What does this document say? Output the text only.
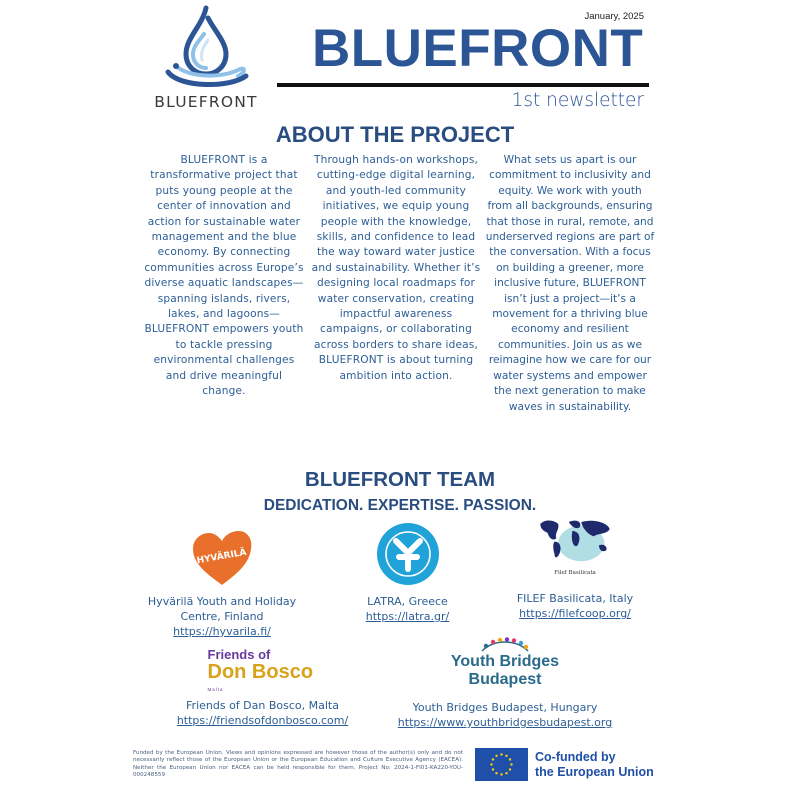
BLUEFRONT
January, 2025
BLUEFRONT
1st newsletter
ABOUT THE PROJECT
BLUEFRONT is a transformative project that puts young people at the center of innovation and action for sustainable water management and the blue economy. By connecting communities across Europe’s diverse aquatic landscapes—spanning islands, rivers, lakes, and lagoons—BLUEFRONT empowers youth to tackle pressing environmental challenges and drive meaningful change.
Through hands-on workshops, cutting-edge digital learning, and youth-led community initiatives, we equip young people with the knowledge, skills, and confidence to lead the way toward water justice and sustainability. Whether it’s designing local roadmaps for water conservation, creating impactful awareness campaigns, or collaborating across borders to share ideas, BLUEFRONT is about turning ambition into action.
What sets us apart is our commitment to inclusivity and equity. We work with youth from all backgrounds, ensuring that those in rural, remote, and underserved regions are part of the conversation. With a focus on building a greener, more inclusive future, BLUEFRONT isn’t just a project—it’s a movement for a thriving blue economy and resilient communities. Join us as we reimagine how we care for our water systems and empower the next generation to make waves in sustainability.
BLUEFRONT TEAM
DEDICATION. EXPERTISE. PASSION.
HYVÄRILÄ
Hyvärilä Youth and Holiday Centre, Finland
https://hyvarila.fi/
LATRA, Greece
https://latra.gr/
Filef Basilicata
FILEF Basilicata, Italy
https://filefcoop.org/
Friends of
Don Bosco
Malta
Friends of Dan Bosco, Malta
https://friendsofdonbosco.com/
Youth Bridges
Budapest
Youth Bridges Budapest, Hungary
https://www.youthbridgesbudapest.org
Funded by the European Union. Views and opinions expressed are however those of the author(s) only and do not necessarily reflect those of the European Union or the European Education and Culture Executive Agency (EACEA). Neither the European Union nor EACEA can be held responsible for them. Project No: 2024-1-FI01-KA220-YOU-000248559
Co-funded by
the European Union
